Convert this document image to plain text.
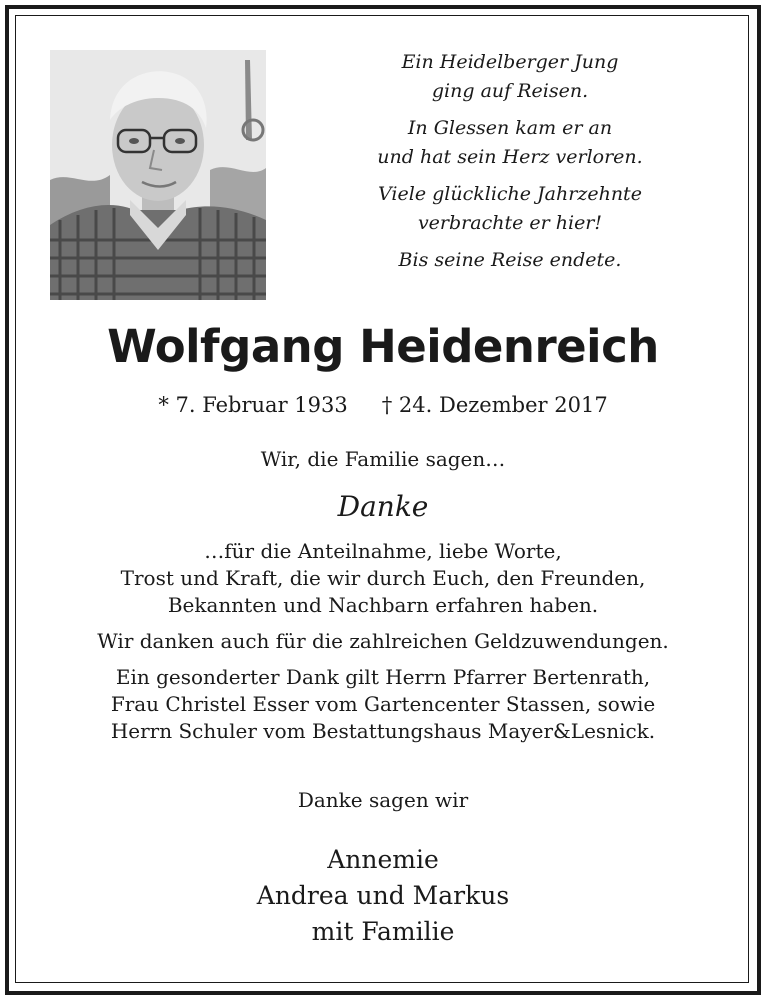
Ein Heidelberger Jung
ging auf Reisen.

In Glessen kam er an
und hat sein Herz verloren.

Viele glückliche Jahrzehnte
verbrachte er hier!

Bis seine Reise endete.

Wolfgang Heidenreich
* 7. Februar 1933 † 24. Dezember 2017
Wir, die Familie sagen…
Danke

…für die Anteilnahme, liebe Worte,
Trost und Kraft, die wir durch Euch, den Freunden,
Bekannten und Nachbarn erfahren haben.

Wir danken auch für die zahlreichen Geldzuwendungen.

Ein gesonderter Dank gilt Herrn Pfarrer Bertenrath,
Frau Christel Esser vom Gartencenter Stassen, sowie
Herrn Schuler vom Bestattungshaus Mayer&Lesnick.

Danke sagen wir
Annemie
Andrea und Markus
mit Familie
